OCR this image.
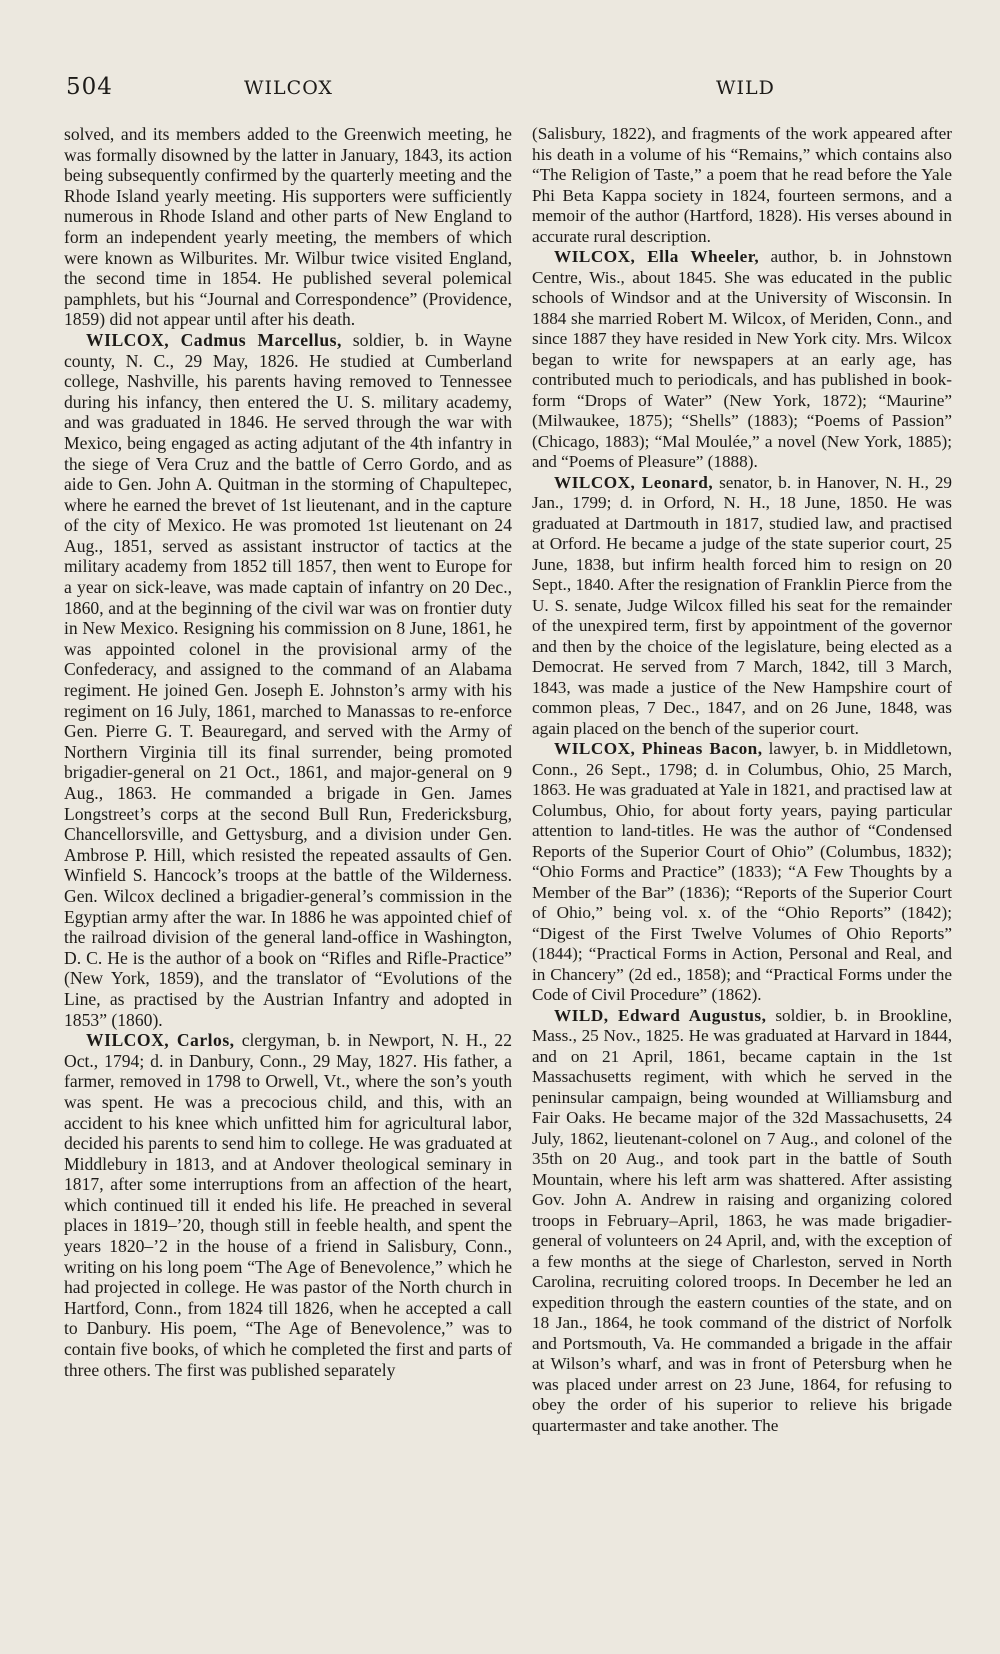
504	WILCOX	WILD

solved, and its members added to the Greenwich meeting, he was formally disowned by the latter in January, 1843, its action being subsequently confirmed by the quarterly meeting and the Rhode Island yearly meeting. His supporters were sufficiently numerous in Rhode Island and other parts of New England to form an independent yearly meeting, the members of which were known as Wilburites. Mr. Wilbur twice visited England, the second time in 1854. He published several polemical pamphlets, but his “Journal and Correspondence” (Providence, 1859) did not appear until after his death.

WILCOX, Cadmus Marcellus, soldier, b. in Wayne county, N. C., 29 May, 1826. He studied at Cumberland college, Nashville, his parents having removed to Tennessee during his infancy, then entered the U. S. military academy, and was graduated in 1846. He served through the war with Mexico, being engaged as acting adjutant of the 4th infantry in the siege of Vera Cruz and the battle of Cerro Gordo, and as aide to Gen. John A. Quitman in the storming of Chapultepec, where he earned the brevet of 1st lieutenant, and in the capture of the city of Mexico. He was promoted 1st lieutenant on 24 Aug., 1851, served as assistant instructor of tactics at the military academy from 1852 till 1857, then went to Europe for a year on sick-leave, was made captain of infantry on 20 Dec., 1860, and at the beginning of the civil war was on frontier duty in New Mexico. Resigning his commission on 8 June, 1861, he was appointed colonel in the provisional army of the Confederacy, and assigned to the command of an Alabama regiment. He joined Gen. Joseph E. Johnston’s army with his regiment on 16 July, 1861, marched to Manassas to re-enforce Gen. Pierre G. T. Beauregard, and served with the Army of Northern Virginia till its final surrender, being promoted brigadier-general on 21 Oct., 1861, and major-general on 9 Aug., 1863. He commanded a brigade in Gen. James Longstreet’s corps at the second Bull Run, Fredericksburg, Chancellorsville, and Gettysburg, and a division under Gen. Ambrose P. Hill, which resisted the repeated assaults of Gen. Winfield S. Hancock’s troops at the battle of the Wilderness. Gen. Wilcox declined a brigadier-general’s commission in the Egyptian army after the war. In 1886 he was appointed chief of the railroad division of the general land-office in Washington, D. C. He is the author of a book on “Rifles and Rifle-Practice” (New York, 1859), and the translator of “Evolutions of the Line, as practised by the Austrian Infantry and adopted in 1853” (1860).

WILCOX, Carlos, clergyman, b. in Newport, N. H., 22 Oct., 1794; d. in Danbury, Conn., 29 May, 1827. His father, a farmer, removed in 1798 to Orwell, Vt., where the son’s youth was spent. He was a precocious child, and this, with an accident to his knee which unfitted him for agricultural labor, decided his parents to send him to college. He was graduated at Middlebury in 1813, and at Andover theological seminary in 1817, after some interruptions from an affection of the heart, which continued till it ended his life. He preached in several places in 1819–’20, though still in feeble health, and spent the years 1820–’2 in the house of a friend in Salisbury, Conn., writing on his long poem “The Age of Benevolence,” which he had projected in college. He was pastor of the North church in Hartford, Conn., from 1824 till 1826, when he accepted a call to Danbury. His poem, “The Age of Benevolence,” was to contain five books, of which he completed the first and parts of three others. The first was published separately

(Salisbury, 1822), and fragments of the work appeared after his death in a volume of his “Remains,” which contains also “The Religion of Taste,” a poem that he read before the Yale Phi Beta Kappa society in 1824, fourteen sermons, and a memoir of the author (Hartford, 1828). His verses abound in accurate rural description.

WILCOX, Ella Wheeler, author, b. in Johnstown Centre, Wis., about 1845. She was educated in the public schools of Windsor and at the University of Wisconsin. In 1884 she married Robert M. Wilcox, of Meriden, Conn., and since 1887 they have resided in New York city. Mrs. Wilcox began to write for newspapers at an early age, has contributed much to periodicals, and has published in book-form “Drops of Water” (New York, 1872); “Maurine” (Milwaukee, 1875); “Shells” (1883); “Poems of Passion” (Chicago, 1883); “Mal Moulée,” a novel (New York, 1885); and “Poems of Pleasure” (1888).

WILCOX, Leonard, senator, b. in Hanover, N. H., 29 Jan., 1799; d. in Orford, N. H., 18 June, 1850. He was graduated at Dartmouth in 1817, studied law, and practised at Orford. He became a judge of the state superior court, 25 June, 1838, but infirm health forced him to resign on 20 Sept., 1840. After the resignation of Franklin Pierce from the U. S. senate, Judge Wilcox filled his seat for the remainder of the unexpired term, first by appointment of the governor and then by the choice of the legislature, being elected as a Democrat. He served from 7 March, 1842, till 3 March, 1843, was made a justice of the New Hampshire court of common pleas, 7 Dec., 1847, and on 26 June, 1848, was again placed on the bench of the superior court.

WILCOX, Phineas Bacon, lawyer, b. in Middletown, Conn., 26 Sept., 1798; d. in Columbus, Ohio, 25 March, 1863. He was graduated at Yale in 1821, and practised law at Columbus, Ohio, for about forty years, paying particular attention to land-titles. He was the author of “Condensed Reports of the Superior Court of Ohio” (Columbus, 1832); “Ohio Forms and Practice” (1833); “A Few Thoughts by a Member of the Bar” (1836); “Reports of the Superior Court of Ohio,” being vol. x. of the “Ohio Reports” (1842); “Digest of the First Twelve Volumes of Ohio Reports” (1844); “Practical Forms in Action, Personal and Real, and in Chancery” (2d ed., 1858); and “Practical Forms under the Code of Civil Procedure” (1862).

WILD, Edward Augustus, soldier, b. in Brookline, Mass., 25 Nov., 1825. He was graduated at Harvard in 1844, and on 21 April, 1861, became captain in the 1st Massachusetts regiment, with which he served in the peninsular campaign, being wounded at Williamsburg and Fair Oaks. He became major of the 32d Massachusetts, 24 July, 1862, lieutenant-colonel on 7 Aug., and colonel of the 35th on 20 Aug., and took part in the battle of South Mountain, where his left arm was shattered. After assisting Gov. John A. Andrew in raising and organizing colored troops in February–April, 1863, he was made brigadier-general of volunteers on 24 April, and, with the exception of a few months at the siege of Charleston, served in North Carolina, recruiting colored troops. In December he led an expedition through the eastern counties of the state, and on 18 Jan., 1864, he took command of the district of Norfolk and Portsmouth, Va. He commanded a brigade in the affair at Wilson’s wharf, and was in front of Petersburg when he was placed under arrest on 23 June, 1864, for refusing to obey the order of his superior to relieve his brigade quartermaster and take another. The
